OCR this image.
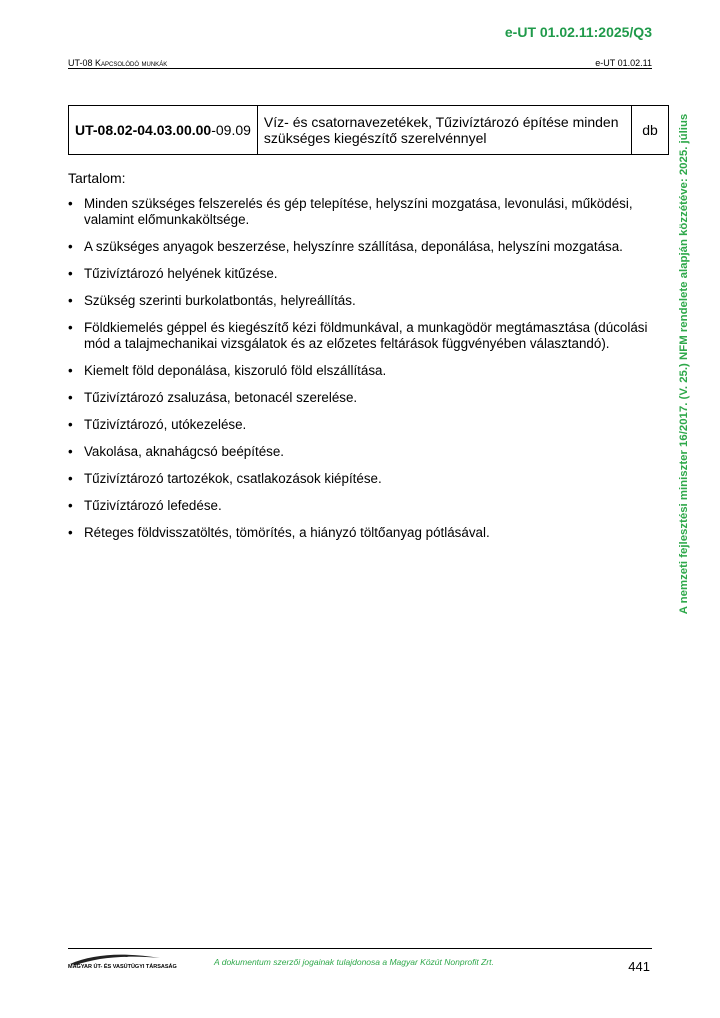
e-UT 01.02.11:2025/Q3
UT-08 Kapcsolódó munkák	e-UT 01.02.11
UT-08.02-04.03.00.00-09.09	Víz- és csatornavezetékek, Tűzivíztározó építése minden szükséges kiegészítő szerelvénnyel	db
Tartalom:
• Minden szükséges felszerelés és gép telepítése, helyszíni mozgatása, levonulási, működési, valamint előmunkaköltsége.
• A szükséges anyagok beszerzése, helyszínre szállítása, deponálása, helyszíni mozgatása.
• Tűzivíztározó helyének kitűzése.
• Szükség szerinti burkolatbontás, helyreállítás.
• Földkiemelés géppel és kiegészítő kézi földmunkával, a munkagödör megtámasztása (dúcolási mód a talajmechanikai vizsgálatok és az előzetes feltárások függvényében választandó).
• Kiemelt föld deponálása, kiszoruló föld elszállítása.
• Tűzivíztározó zsaluzása, betonacél szerelése.
• Tűzivíztározó, utókezelése.
• Vakolása, aknahágcsó beépítése.
• Tűzivíztározó tartozékok, csatlakozások kiépítése.
• Tűzivíztározó lefedése.
• Réteges földvisszatöltés, tömörítés, a hiányzó töltőanyag pótlásával.	A nemzeti fejlesztési miniszter 16/2017. (V. 25.) NFM rendelete alapján közzétéve: 2025. július
MAGYAR ÚT- ÉS VASÚTÜGYI TÁRSASÁG	A dokumentum szerzői jogainak tulajdonosa a Magyar Közút Nonprofit Zrt.	441
